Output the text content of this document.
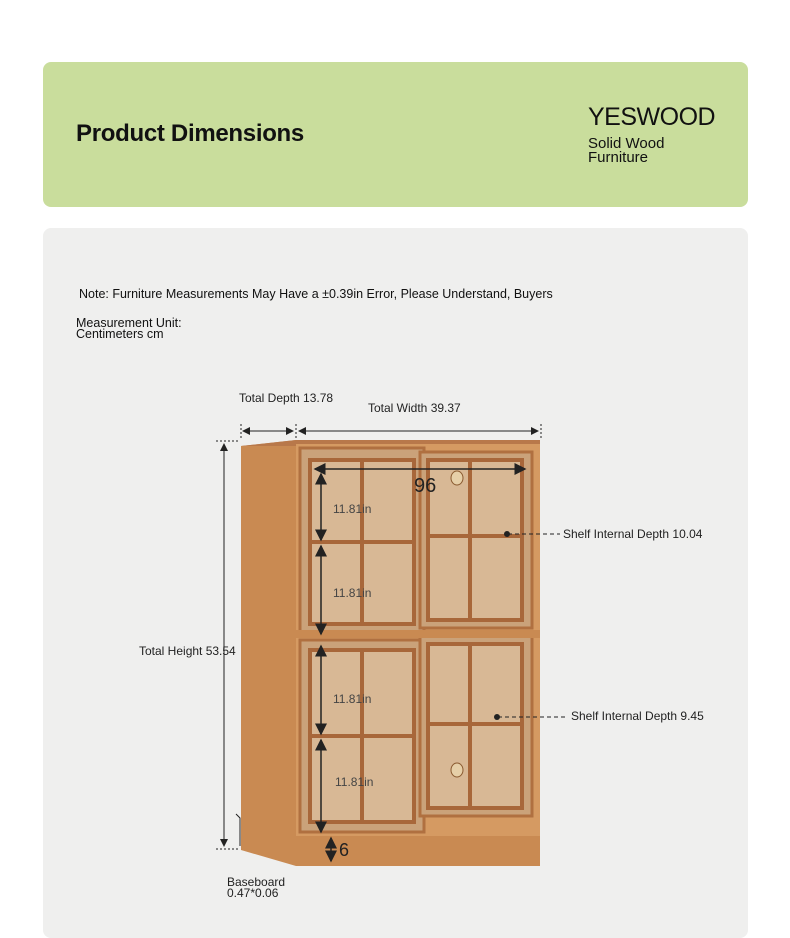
Product Dimensions
YESWOOD
Solid Wood
Furniture
Note: Furniture Measurements May Have a ±0.39in Error, Please Understand, Buyers
Measurement Unit:
Centimeters cm
Total Depth 13.78
Total Width 39.37
Total Height 53.54
96
11.81in
11.81in
11.81in
11.81in
Shelf Internal Depth 10.04
Shelf Internal Depth 9.45
6
Baseboard
0.47*0.06
